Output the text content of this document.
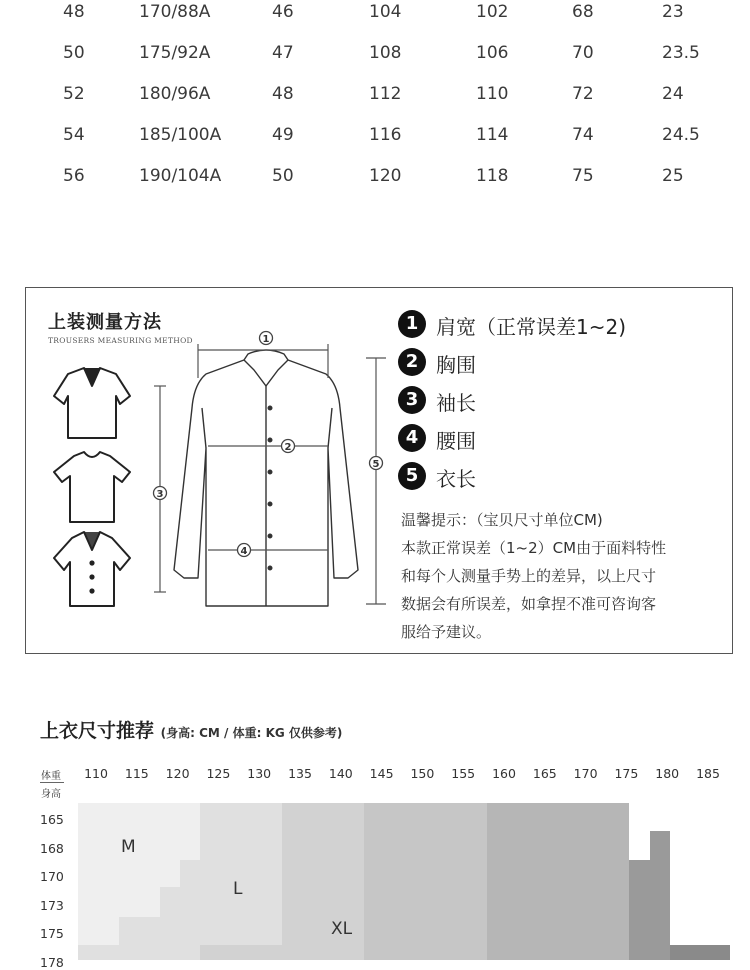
48	170/88A	46	104	102	68	23
50	175/92A	47	108	106	70	23.5
52	180/96A	48	112	110	72	24
54	185/100A	49	116	114	74	24.5
56	190/104A	50	120	118	75	25
上装测量方法
TROUSERS MEASURING METHOD	1
2
3
4
5
1 肩宽（正常误差1~2)
2 胸围
3 袖长
4 腰围
5 衣长
温馨提示：（宝贝尺寸单位CM)
本款正常误差（1~2）CM由于面料特性
和每个人测量手势上的差异，以上尺寸
数据会有所误差，如拿捏不准可咨询客
服给予建议。
上衣尺寸推荐 (身高: CM / 体重: KG 仅供参考)
体重
身高
110 115 120 125 130 135 140 145 150 155 160 165 170 175 180 185
165
168
170
173
175
178
M
L
XL
